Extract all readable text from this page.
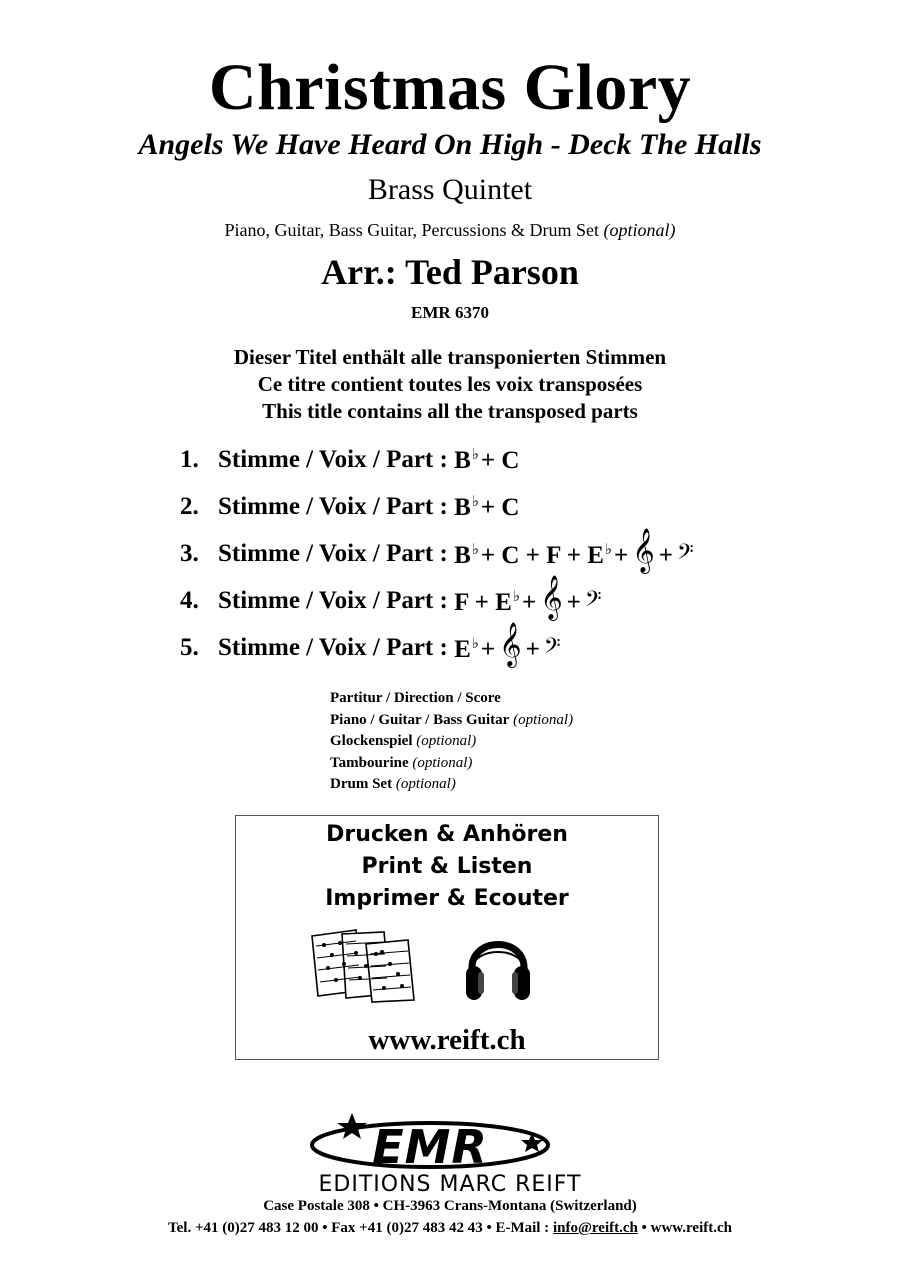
Christmas Glory
Angels We Have Heard On High - Deck The Halls
Brass Quintet
Piano, Guitar, Bass Guitar, Percussions & Drum Set (optional)
Arr.: Ted Parson
EMR 6370
Dieser Titel enthält alle transponierten Stimmen
Ce titre contient toutes les voix transposées
This title contains all the transposed parts
1. Stimme / Voix / Part : B♭+ C
2. Stimme / Voix / Part : B♭+ C
3. Stimme / Voix / Part : B♭+ C + F + E♭+ 𝄞 + 𝄢
4. Stimme / Voix / Part : F + E♭+ 𝄞 + 𝄢
5. Stimme / Voix / Part : E♭+ 𝄞 + 𝄢
Partitur / Direction / Score
Piano / Guitar / Bass Guitar (optional)
Glockenspiel (optional)
Tambourine (optional)
Drum Set (optional)
Drucken & Anhören
Print & Listen
Imprimer & Ecouter
www.reift.ch
EMR
EDITIONS MARC REIFT
Case Postale 308 • CH-3963 Crans-Montana (Switzerland)
Tel. +41 (0)27 483 12 00 • Fax +41 (0)27 483 42 43 • E-Mail : info@reift.ch • www.reift.ch
